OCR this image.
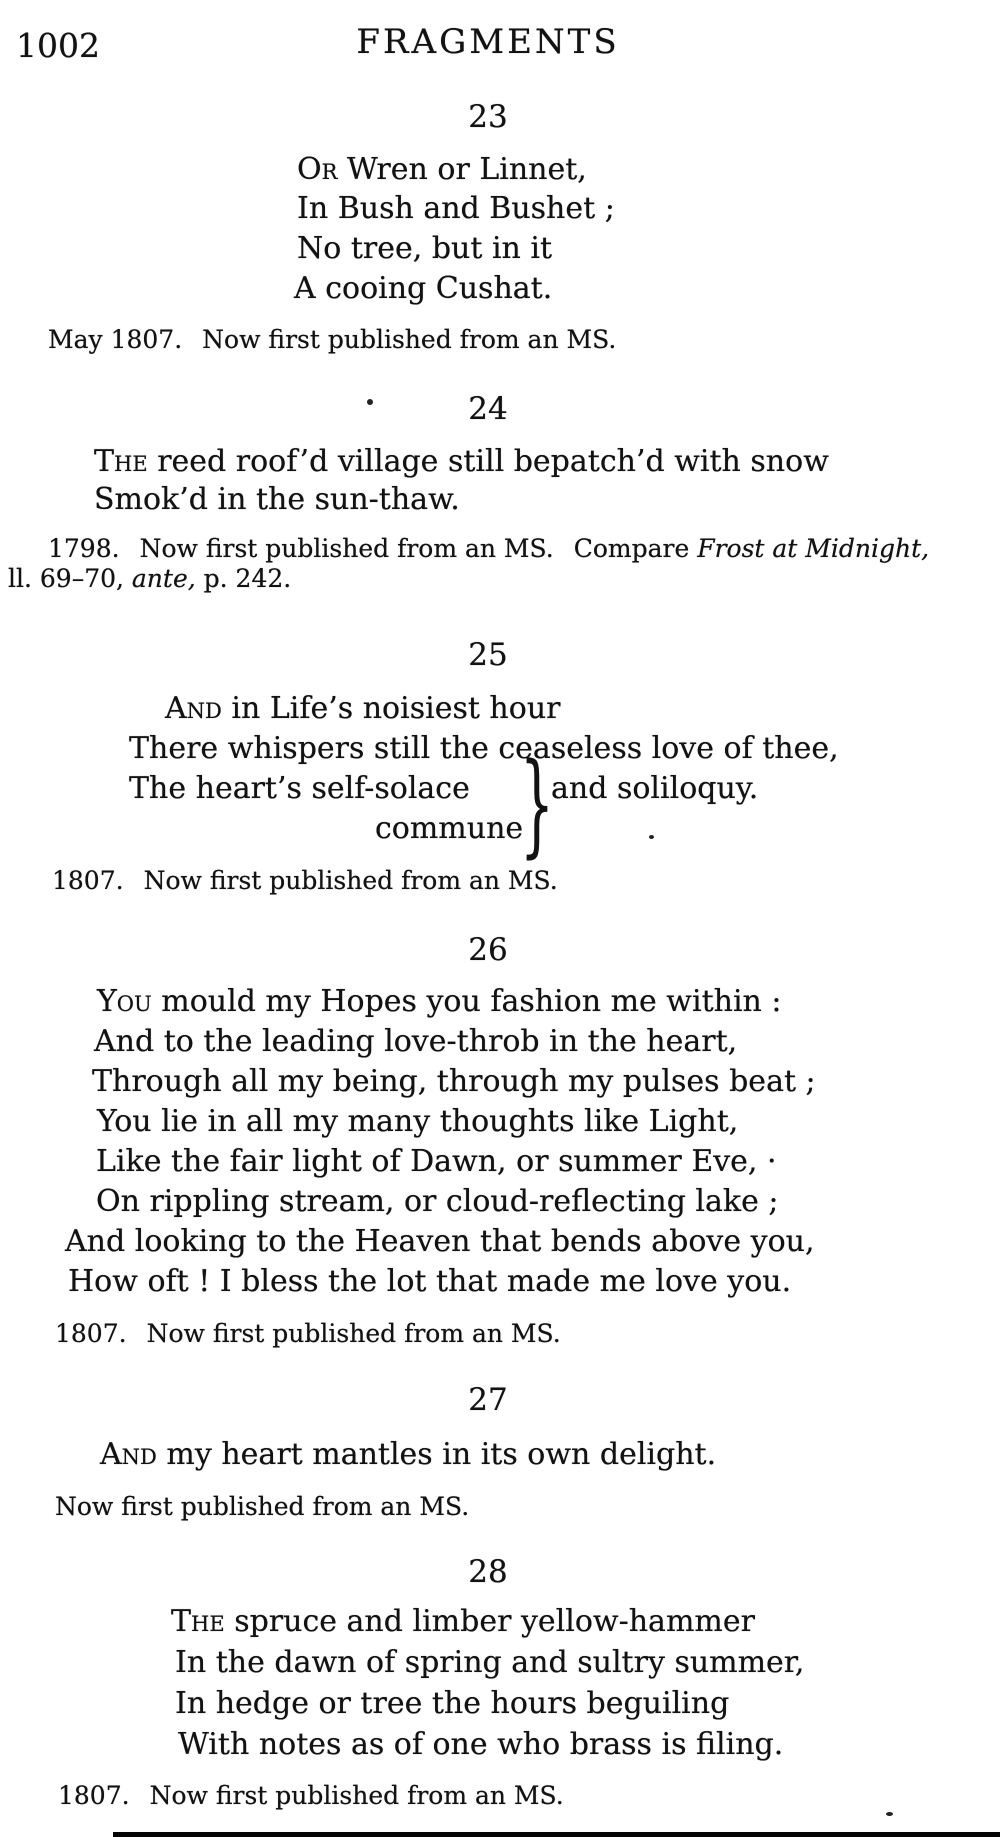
1002	FRAGMENTS
23
Or Wren or Linnet,
In Bush and Bushet ;
No tree, but in it
A cooing Cushat.
May 1807. Now first published from an MS.
24
The reed roof’d village still bepatch’d with snow
Smok’d in the sun-thaw.
1798. Now first published from an MS. Compare Frost at Midnight,
ll. 69–70, ante, p. 242.
25
And in Life’s noisiest hour
There whispers still the ceaseless love of thee,
The heart’s self-solace	and soliloquy.
commune
}
1807. Now first published from an MS.
26
You mould my Hopes you fashion me within :
And to the leading love-throb in the heart,
Through all my being, through my pulses beat ;
You lie in all my many thoughts like Light,
Like the fair light of Dawn, or summer Eve, ·
On rippling stream, or cloud-reflecting lake ;
And looking to the Heaven that bends above you,
How oft ! I bless the lot that made me love you.
1807. Now first published from an MS.
27
And my heart mantles in its own delight.
Now first published from an MS.
28
The spruce and limber yellow-hammer
In the dawn of spring and sultry summer,
In hedge or tree the hours beguiling
With notes as of one who brass is filing.
1807. Now first published from an MS.
